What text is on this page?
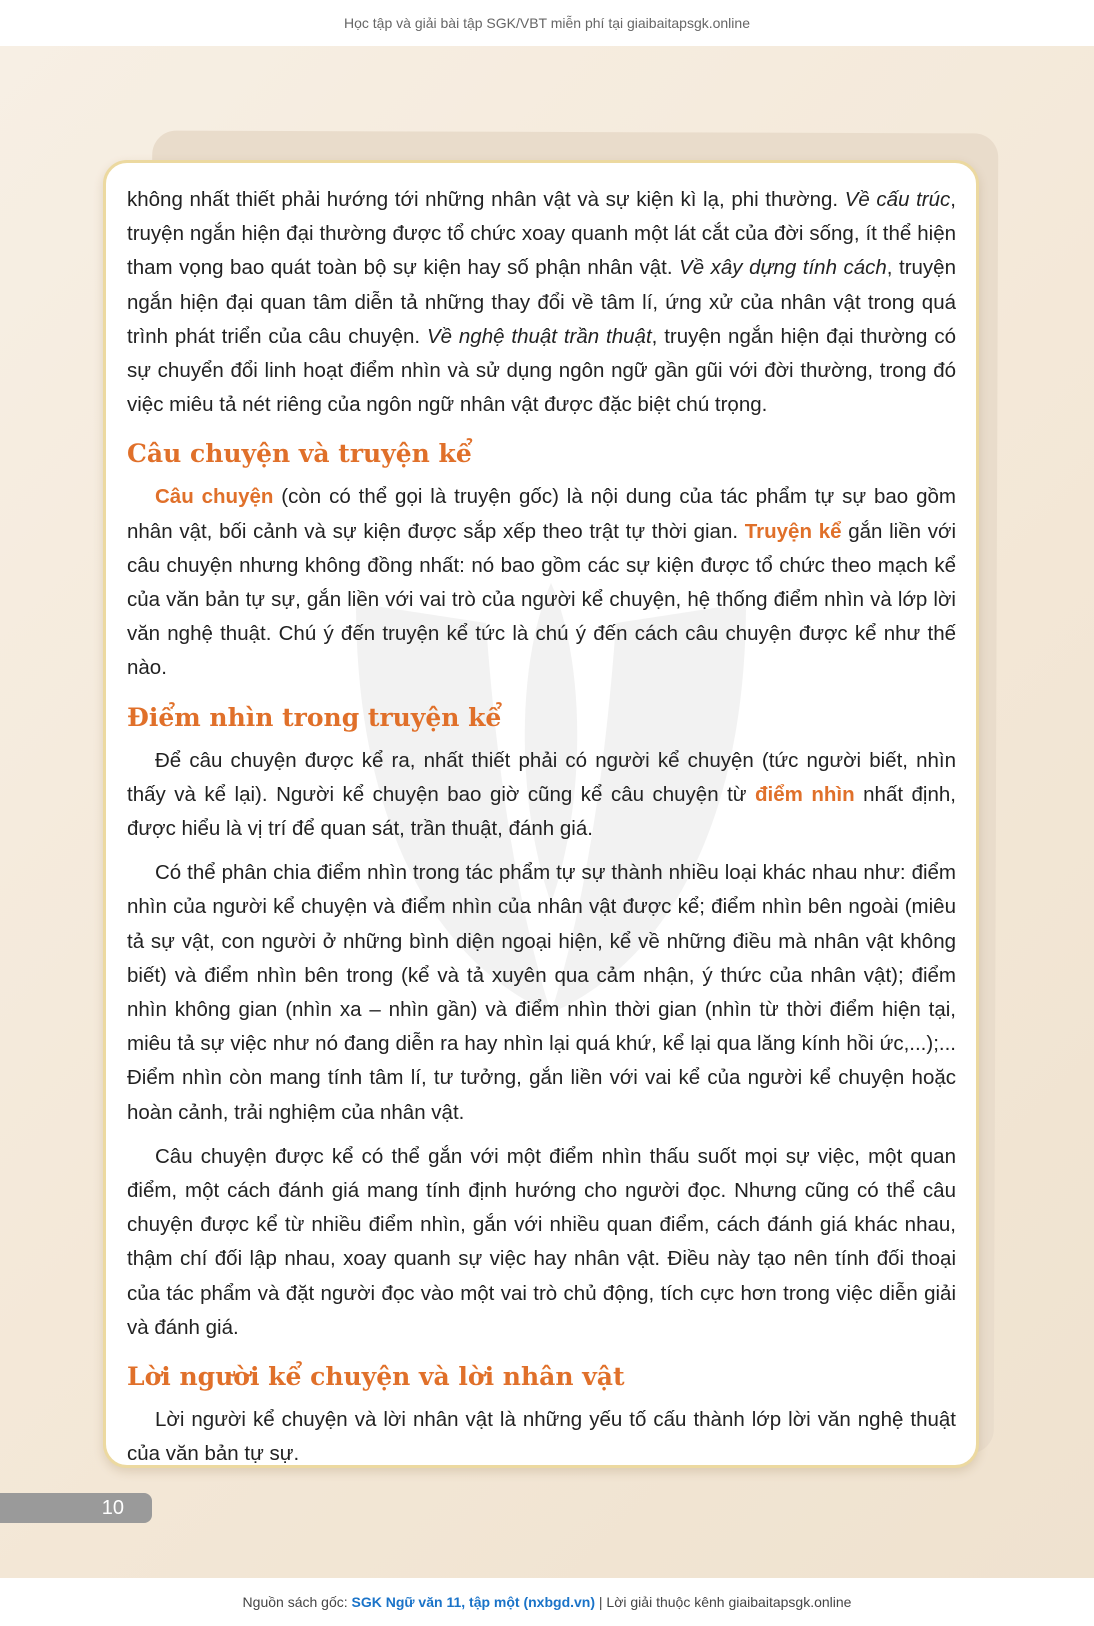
Học tập và giải bài tập SGK/VBT miễn phí tại giaibaitapsgk.online

không nhất thiết phải hướng tới những nhân vật và sự kiện kì lạ, phi thường. Về cấu trúc, truyện ngắn hiện đại thường được tổ chức xoay quanh một lát cắt của đời sống, ít thể hiện tham vọng bao quát toàn bộ sự kiện hay số phận nhân vật. Về xây dựng tính cách, truyện ngắn hiện đại quan tâm diễn tả những thay đổi về tâm lí, ứng xử của nhân vật trong quá trình phát triển của câu chuyện. Về nghệ thuật trần thuật, truyện ngắn hiện đại thường có sự chuyển đổi linh hoạt điểm nhìn và sử dụng ngôn ngữ gần gũi với đời thường, trong đó việc miêu tả nét riêng của ngôn ngữ nhân vật được đặc biệt chú trọng.

Câu chuyện và truyện kể

Câu chuyện (còn có thể gọi là truyện gốc) là nội dung của tác phẩm tự sự bao gồm nhân vật, bối cảnh và sự kiện được sắp xếp theo trật tự thời gian. Truyện kể gắn liền với câu chuyện nhưng không đồng nhất: nó bao gồm các sự kiện được tổ chức theo mạch kể của văn bản tự sự, gắn liền với vai trò của người kể chuyện, hệ thống điểm nhìn và lớp lời văn nghệ thuật. Chú ý đến truyện kể tức là chú ý đến cách câu chuyện được kể như thế nào.

Điểm nhìn trong truyện kể

Để câu chuyện được kể ra, nhất thiết phải có người kể chuyện (tức người biết, nhìn thấy và kể lại). Người kể chuyện bao giờ cũng kể câu chuyện từ điểm nhìn nhất định, được hiểu là vị trí để quan sát, trần thuật, đánh giá.

Có thể phân chia điểm nhìn trong tác phẩm tự sự thành nhiều loại khác nhau như: điểm nhìn của người kể chuyện và điểm nhìn của nhân vật được kể; điểm nhìn bên ngoài (miêu tả sự vật, con người ở những bình diện ngoại hiện, kể về những điều mà nhân vật không biết) và điểm nhìn bên trong (kể và tả xuyên qua cảm nhận, ý thức của nhân vật); điểm nhìn không gian (nhìn xa – nhìn gần) và điểm nhìn thời gian (nhìn từ thời điểm hiện tại, miêu tả sự việc như nó đang diễn ra hay nhìn lại quá khứ, kể lại qua lăng kính hồi ức,...);... Điểm nhìn còn mang tính tâm lí, tư tưởng, gắn liền với vai kể của người kể chuyện hoặc hoàn cảnh, trải nghiệm của nhân vật.

Câu chuyện được kể có thể gắn với một điểm nhìn thấu suốt mọi sự việc, một quan điểm, một cách đánh giá mang tính định hướng cho người đọc. Nhưng cũng có thể câu chuyện được kể từ nhiều điểm nhìn, gắn với nhiều quan điểm, cách đánh giá khác nhau, thậm chí đối lập nhau, xoay quanh sự việc hay nhân vật. Điều này tạo nên tính đối thoại của tác phẩm và đặt người đọc vào một vai trò chủ động, tích cực hơn trong việc diễn giải và đánh giá.

Lời người kể chuyện và lời nhân vật

Lời người kể chuyện và lời nhân vật là những yếu tố cấu thành lớp lời văn nghệ thuật của văn bản tự sự.

10
Nguồn sách gốc:
SGK Ngữ văn 11, tập một (nxbgd.vn)
| Lời giải thuộc kênh giaibaitapsgk.online
